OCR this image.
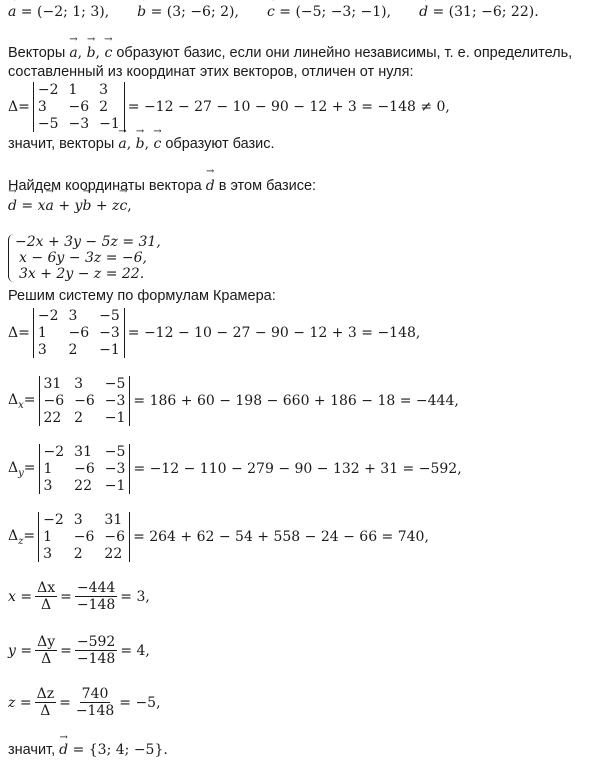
→ a = (−2; 1; 3), → b = (3; −6; 2), → c = (−5; −3; −1), → d = (31; −6; 22).
Векторы → a, → b, → c образуют базис, если они линейно независимы, т. е. определитель,
составленный из координат этих векторов, отличен от нуля:
Δ=
−2 1	3
3	−6 2
−5 −3 −1
= −12 − 27 − 10 − 90 − 12 + 3 = −148 ≠ 0,
значит, векторы → a, → b, → c образуют базис.
Найдем координаты вектора → d в этом базисе:
→ d = x→ a + y→ b + z→ c,
−2x + 3y − 5z = 31,
x − 6y − 3z = −6,
3x + 2y − z = 22.
Решим систему по формулам Крамера:
Δ=
−2 3	−5
1	−6 −3
3	2	−1
= −12 − 10 − 27 − 90 − 12 + 3 = −148,
$\Delta_x=$
31 3	−5
−6 −6 −3
22 2	−1
= 186 + 60 − 198 − 660 + 186 − 18 = −444,
$\Delta_y=$
−2 31 −5
1	−6 −3
3	22 −1
= −12 − 110 − 279 − 90 − 132 + 31 = −592,
$\Delta_z=$
−2 3	31
1	−6 −6
3	2	22
= 264 + 62 − 54 + 558 − 24 − 66 = 740,
$x = \frac{\Delta x}{\Delta} = \frac{-444}{-148} = 3$,
$y = \frac{\Delta y}{\Delta} = \frac{-592}{-148} = 4$,
$z = \frac{\Delta z}{\Delta} = \frac{740}{-148} = -5$,
значит, → d = {3; 4; −5}.
